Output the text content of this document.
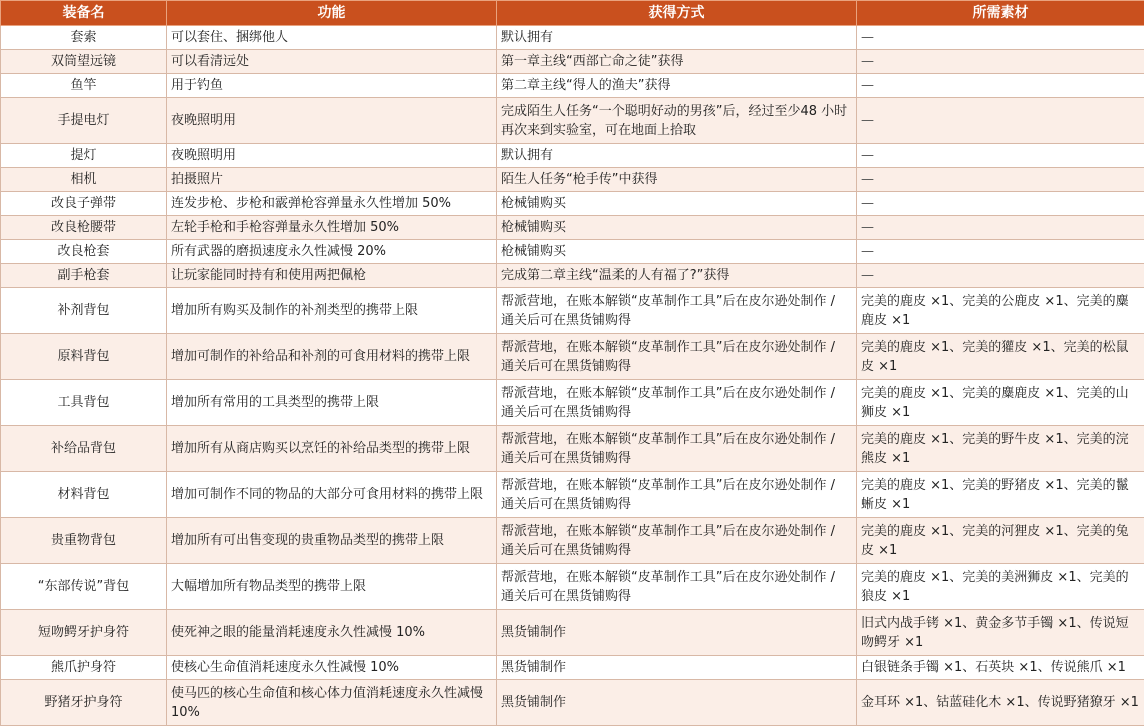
装备名	功能	获得方式	所需素材
套索	可以套住、捆绑他人	默认拥有	—
双筒望远镜	可以看清远处	第一章主线“西部亡命之徒”获得	—
鱼竿	用于钓鱼	第二章主线“得人的渔夫”获得	—
手提电灯	夜晚照明用	完成陌生人任务“一个聪明好动的男孩”后，经过至少48 小时再次来到实验室，可在地面上拾取	—
提灯	夜晚照明用	默认拥有	—
相机	拍摄照片	陌生人任务“枪手传”中获得	—
改良子弹带	连发步枪、步枪和霰弹枪容弹量永久性增加 50%	枪械铺购买	—
改良枪腰带	左轮手枪和手枪容弹量永久性增加 50%	枪械铺购买	—
改良枪套	所有武器的磨损速度永久性减慢 20%	枪械铺购买	—
副手枪套	让玩家能同时持有和使用两把佩枪	完成第二章主线“温柔的人有福了?”获得	—
补剂背包	增加所有购买及制作的补剂类型的携带上限	帮派营地，在账本解锁“皮革制作工具”后在皮尔逊处制作 / 通关后可在黑货铺购得	完美的鹿皮 ×1、完美的公鹿皮 ×1、完美的麋鹿皮 ×1
原料背包	增加可制作的补给品和补剂的可食用材料的携带上限	帮派营地，在账本解锁“皮革制作工具”后在皮尔逊处制作 / 通关后可在黑货铺购得	完美的鹿皮 ×1、完美的獾皮 ×1、完美的松鼠皮 ×1
工具背包	增加所有常用的工具类型的携带上限	帮派营地，在账本解锁“皮革制作工具”后在皮尔逊处制作 / 通关后可在黑货铺购得	完美的鹿皮 ×1、完美的麋鹿皮 ×1、完美的山狮皮 ×1
补给品背包	增加所有从商店购买以烹饪的补给品类型的携带上限	帮派营地，在账本解锁“皮革制作工具”后在皮尔逊处制作 / 通关后可在黑货铺购得	完美的鹿皮 ×1、完美的野牛皮 ×1、完美的浣熊皮 ×1
材料背包	增加可制作不同的物品的大部分可食用材料的携带上限	帮派营地，在账本解锁“皮革制作工具”后在皮尔逊处制作 / 通关后可在黑货铺购得	完美的鹿皮 ×1、完美的野猪皮 ×1、完美的鬣蜥皮 ×1
贵重物背包	增加所有可出售变现的贵重物品类型的携带上限	帮派营地，在账本解锁“皮革制作工具”后在皮尔逊处制作 / 通关后可在黑货铺购得	完美的鹿皮 ×1、完美的河狸皮 ×1、完美的兔皮 ×1
“东部传说”背包	大幅增加所有物品类型的携带上限	帮派营地，在账本解锁“皮革制作工具”后在皮尔逊处制作 / 通关后可在黑货铺购得	完美的鹿皮 ×1、完美的美洲狮皮 ×1、完美的狼皮 ×1
短吻鳄牙护身符	使死神之眼的能量消耗速度永久性减慢 10%	黑货铺制作	旧式内战手铐 ×1、黄金多节手镯 ×1、传说短吻鳄牙 ×1
熊爪护身符	使核心生命值消耗速度永久性减慢 10%	黑货铺制作	白银链条手镯 ×1、石英块 ×1、传说熊爪 ×1
野猪牙护身符	使马匹的核心生命值和核心体力值消耗速度永久性减慢 10%	黑货铺制作	金耳环 ×1、钴蓝硅化木 ×1、传说野猪獠牙 ×1
